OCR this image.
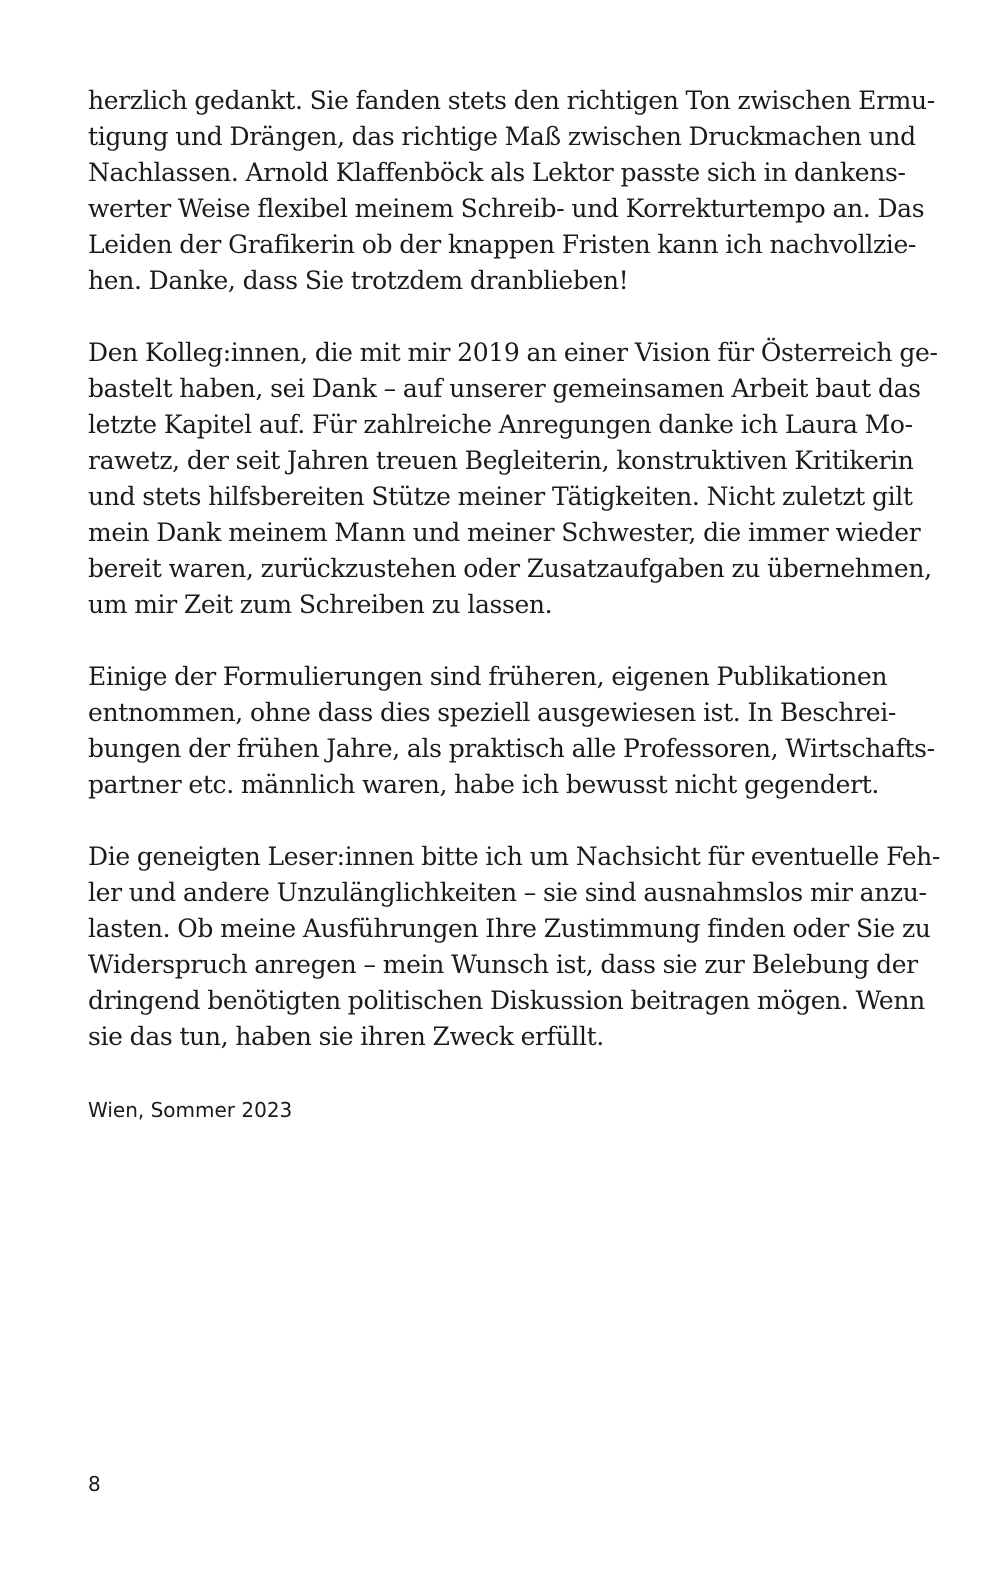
herzlich gedankt. Sie fanden stets den richtigen Ton zwischen Ermu-
tigung und Drängen, das richtige Maß zwischen Druckmachen und
Nachlassen. Arnold Klaffenböck als Lektor passte sich in dankens-
werter Weise flexibel meinem Schreib- und Korrekturtempo an. Das
Leiden der Grafikerin ob der knappen Fristen kann ich nachvollzie-
hen. Danke, dass Sie trotzdem dranblieben!
Den Kolleg:innen, die mit mir 2019 an einer Vision für Österreich ge-
bastelt haben, sei Dank – auf unserer gemeinsamen Arbeit baut das
letzte Kapitel auf. Für zahlreiche Anregungen danke ich Laura Mo-
rawetz, der seit Jahren treuen Begleiterin, konstruktiven Kritikerin
und stets hilfsbereiten Stütze meiner Tätigkeiten. Nicht zuletzt gilt
mein Dank meinem Mann und meiner Schwester, die immer wieder
bereit waren, zurückzustehen oder Zusatzaufgaben zu übernehmen,
um mir Zeit zum Schreiben zu lassen.
Einige der Formulierungen sind früheren, eigenen Publikationen
entnommen, ohne dass dies speziell ausgewiesen ist. In Beschrei-
bungen der frühen Jahre, als praktisch alle Professoren, Wirtschafts-
partner etc. männlich waren, habe ich bewusst nicht gegendert.
Die geneigten Leser:innen bitte ich um Nachsicht für eventuelle Feh-
ler und andere Unzulänglichkeiten – sie sind ausnahmslos mir anzu-
lasten. Ob meine Ausführungen Ihre Zustimmung finden oder Sie zu
Widerspruch anregen – mein Wunsch ist, dass sie zur Belebung der
dringend benötigten politischen Diskussion beitragen mögen. Wenn
sie das tun, haben sie ihren Zweck erfüllt.
Wien, Sommer 2023
8
